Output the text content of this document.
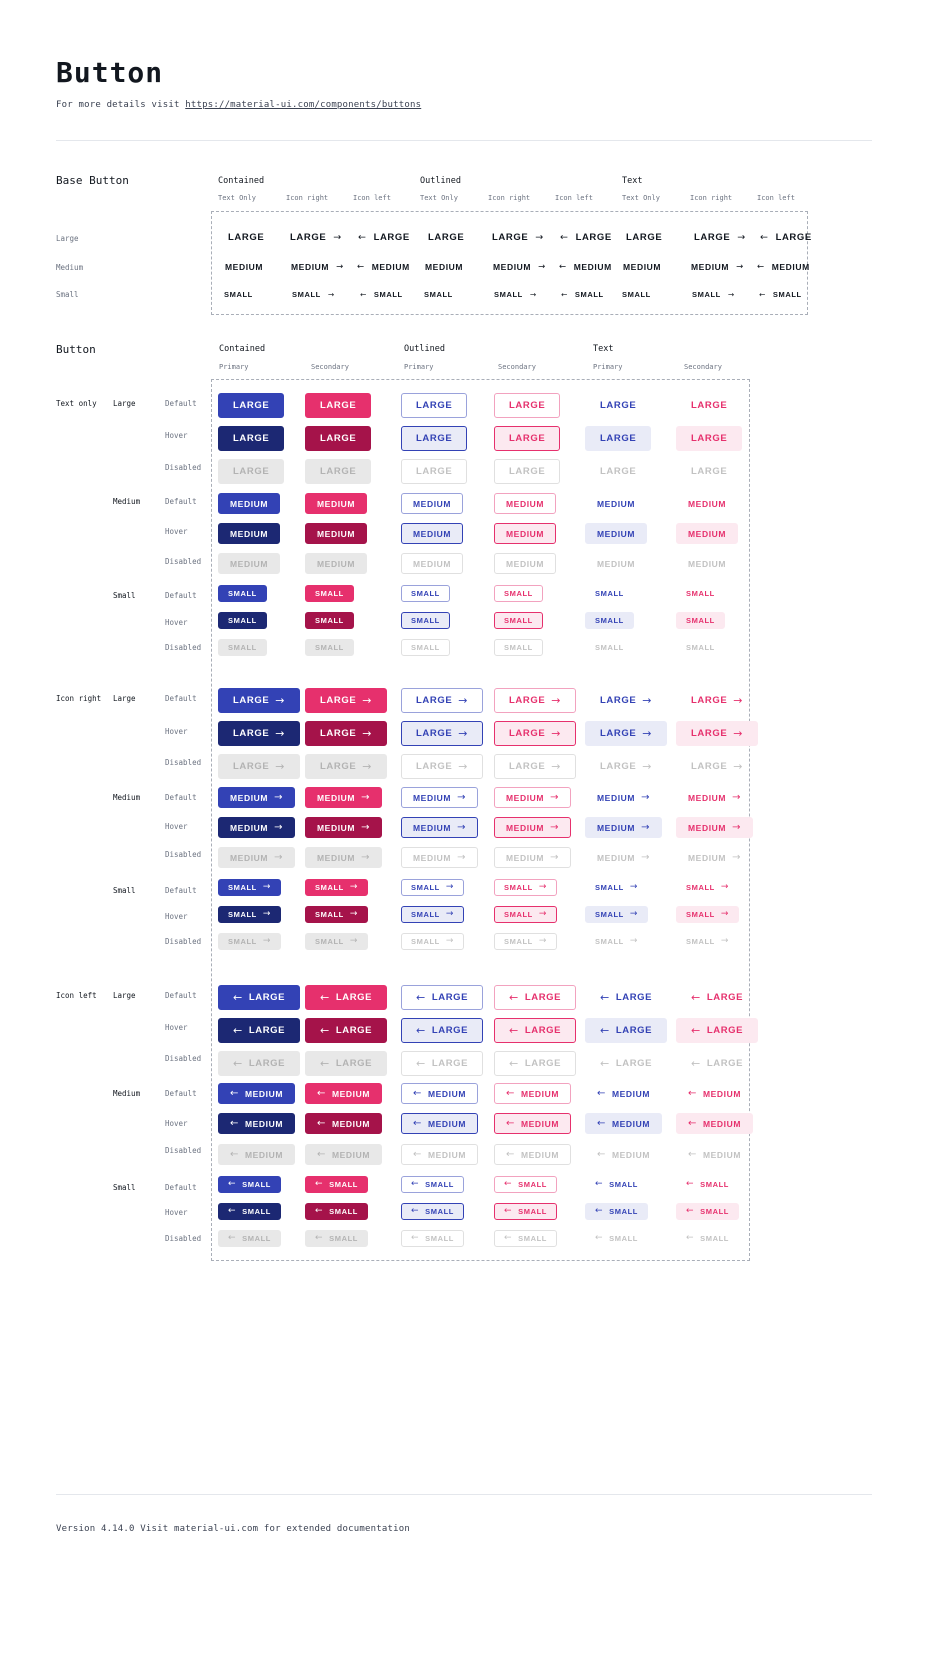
Button
For more details visit https://material-ui.com/components/buttons
Base Button	Contained	Outlined	Text
Text Only	Icon right	Icon left	Text Only	Icon right	Icon left	Text Only	Icon right	Icon left
Large
Medium
Small
LARGE	LARGE → ← LARGE LARGE	LARGE → ← LARGE LARGE	LARGE → ← LARGE
MEDIUM	MEDIUM → ← MEDIUM MEDIUM	MEDIUM → ← MEDIUM MEDIUM	MEDIUM → ← MEDIUM
SMALL	SMALL →	← SMALL	SMALL	SMALL →	← SMALL SMALL	SMALL →	← SMALL
Button	Contained	Outlined	Text
Primary	Secondary	Primary	Secondary	Primary	Secondary
Text only Large
Medium
Small
Default
Hover
Disabled
Default
Hover
Disabled
Default
Hover
Disabled
LARGE	LARGE	LARGE	LARGE	LARGE	LARGE
LARGE	LARGE	LARGE	LARGE	LARGE	LARGE
LARGE	LARGE	LARGE	LARGE	LARGE	LARGE
MEDIUM	MEDIUM	MEDIUM	MEDIUM	MEDIUM	MEDIUM
MEDIUM	MEDIUM	MEDIUM	MEDIUM	MEDIUM	MEDIUM
MEDIUM	MEDIUM	MEDIUM	MEDIUM	MEDIUM	MEDIUM
SMALL	SMALL	SMALL	SMALL	SMALL	SMALL
SMALL	SMALL	SMALL	SMALL	SMALL	SMALL
SMALL	SMALL	SMALL	SMALL	SMALL	SMALL
Icon right Large
Medium
Small
Default
Hover
Disabled
Default
Hover
Disabled
Default
Hover
Disabled
LARGE →	LARGE →	LARGE →	LARGE →	LARGE →	LARGE →
LARGE →	LARGE →	LARGE →	LARGE →	LARGE →	LARGE →
LARGE →	LARGE →	LARGE →	LARGE →	LARGE →	LARGE →
MEDIUM →	MEDIUM →	MEDIUM →	MEDIUM →	MEDIUM →	MEDIUM →
MEDIUM →	MEDIUM →	MEDIUM →	MEDIUM →	MEDIUM →	MEDIUM →
MEDIUM →	MEDIUM →	MEDIUM →	MEDIUM →	MEDIUM →	MEDIUM →
SMALL →	SMALL →	SMALL →	SMALL →	SMALL →	SMALL →
SMALL →	SMALL →	SMALL →	SMALL →	SMALL →	SMALL →
SMALL →	SMALL →	SMALL →	SMALL →	SMALL →	SMALL →
Icon left Large
Medium
Small
Default
Hover
Disabled
Default
Hover
Disabled
Default
Hover
Disabled
← LARGE	← LARGE	← LARGE	← LARGE	← LARGE	← LARGE
← LARGE	← LARGE	← LARGE	← LARGE	← LARGE	← LARGE
← LARGE	← LARGE	← LARGE	← LARGE	← LARGE	← LARGE
← MEDIUM	← MEDIUM	← MEDIUM	← MEDIUM	← MEDIUM	← MEDIUM
← MEDIUM	← MEDIUM	← MEDIUM	← MEDIUM	← MEDIUM	← MEDIUM
← MEDIUM	← MEDIUM	← MEDIUM	← MEDIUM	← MEDIUM	← MEDIUM
← SMALL	← SMALL	← SMALL	← SMALL	← SMALL	← SMALL
← SMALL	← SMALL	← SMALL	← SMALL	← SMALL	← SMALL
← SMALL	← SMALL	← SMALL	← SMALL	← SMALL	← SMALL
Version 4.14.0 Visit material-ui.com for extended documentation
